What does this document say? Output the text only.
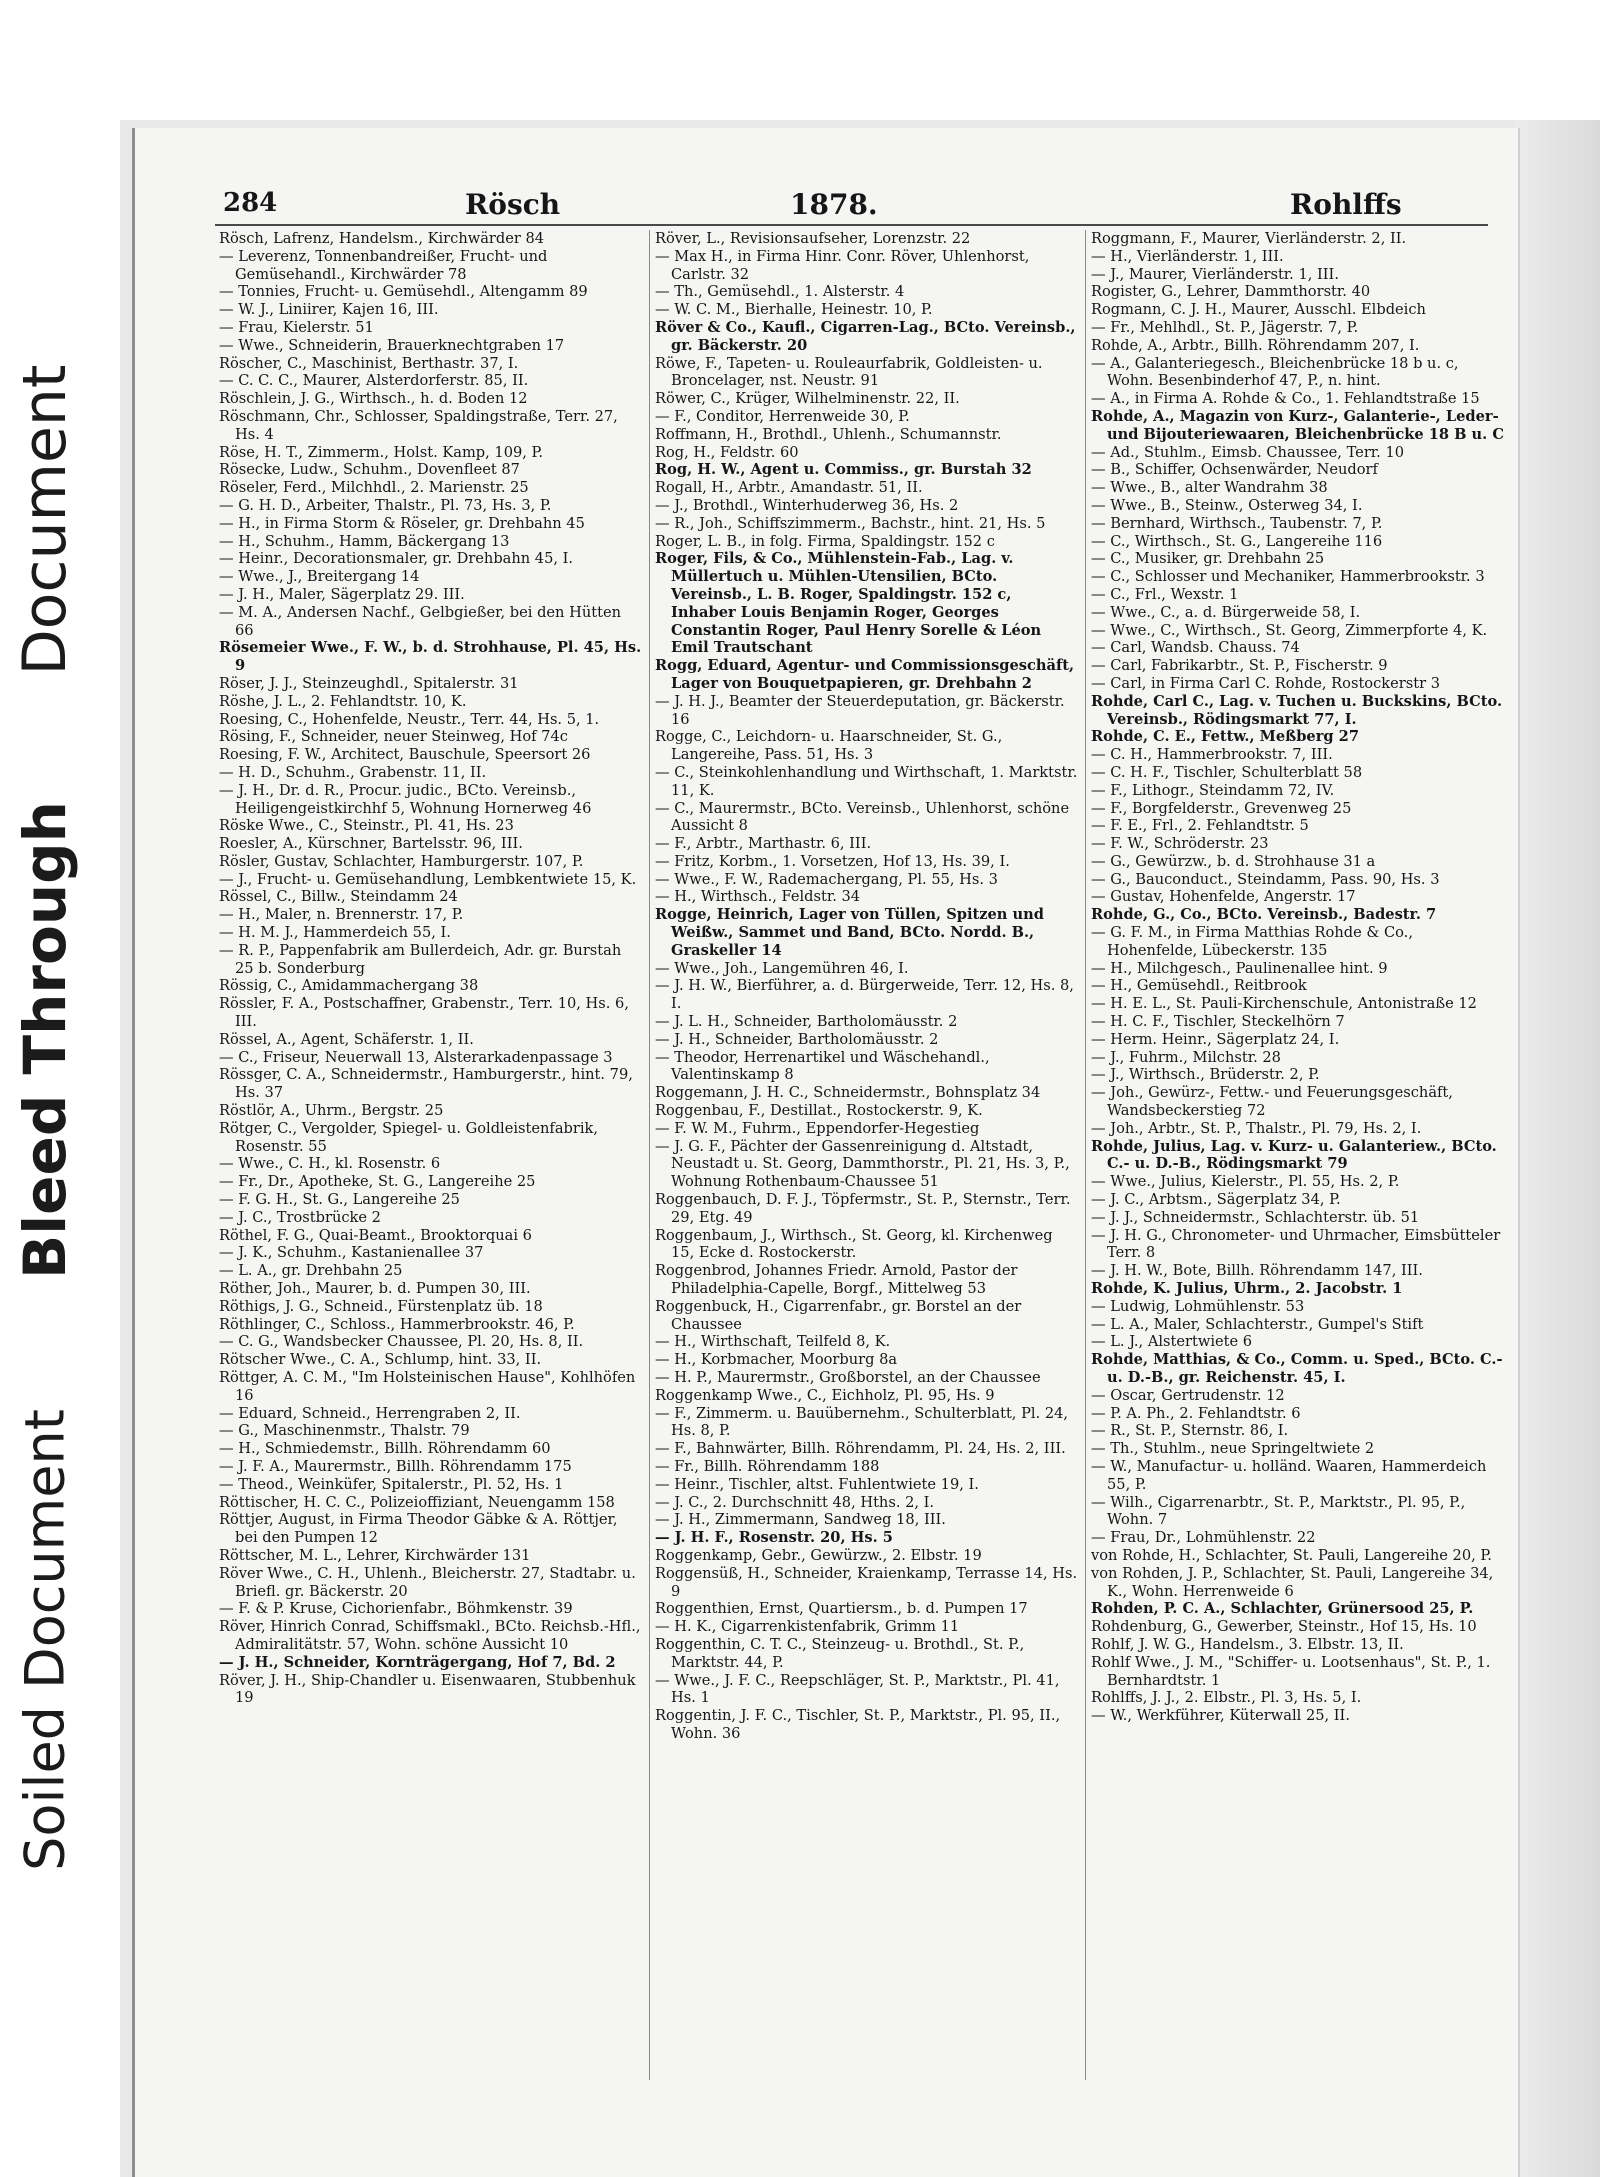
Document
Bleed Through
Soiled Document
284	Rösch	1878.	Rohlffs

Rösch, Lafrenz, Handelsm., Kirchwärder 84

— Leverenz, Tonnenbandreißer, Frucht- und Gemüsehandl., Kirchwärder 78

— Tonnies, Frucht- u. Gemüsehdl., Altengamm 89

— W. J., Liniirer, Kajen 16, III.

— Frau, Kielerstr. 51

— Wwe., Schneiderin, Brauerknechtgraben 17

Röscher, C., Maschinist, Berthastr. 37, I.

— C. C. C., Maurer, Alsterdorferstr. 85, II.

Röschlein, J. G., Wirthsch., h. d. Boden 12

Röschmann, Chr., Schlosser, Spaldingstraße, Terr. 27, Hs. 4

Röse, H. T., Zimmerm., Holst. Kamp, 109, P.

Rösecke, Ludw., Schuhm., Dovenfleet 87

Röseler, Ferd., Milchhdl., 2. Marienstr. 25

— G. H. D., Arbeiter, Thalstr., Pl. 73, Hs. 3, P.

— H., in Firma Storm & Röseler, gr. Drehbahn 45

— H., Schuhm., Hamm, Bäckergang 13

— Heinr., Decorationsmaler, gr. Drehbahn 45, I.

— Wwe., J., Breitergang 14

— J. H., Maler, Sägerplatz 29. III.

— M. A., Andersen Nachf., Gelbgießer, bei den Hütten 66

Rösemeier Wwe., F. W., b. d. Strohhause, Pl. 45, Hs. 9

Röser, J. J., Steinzeughdl., Spitalerstr. 31

Röshe, J. L., 2. Fehlandtstr. 10, K.

Roesing, C., Hohenfelde, Neustr., Terr. 44, Hs. 5, 1.

Rösing, F., Schneider, neuer Steinweg, Hof 74c

Roesing, F. W., Architect, Bauschule, Speersort 26

— H. D., Schuhm., Grabenstr. 11, II.

— J. H., Dr. d. R., Procur. judic., BCto. Vereinsb., Heiligengeistkirchhf 5, Wohnung Hornerweg 46

Röske Wwe., C., Steinstr., Pl. 41, Hs. 23

Roesler, A., Kürschner, Bartelsstr. 96, III.

Rösler, Gustav, Schlachter, Hamburgerstr. 107, P.

— J., Frucht- u. Gemüsehandlung, Lembkentwiete 15, K.

Rössel, C., Billw., Steindamm 24

— H., Maler, n. Brennerstr. 17, P.

— H. M. J., Hammerdeich 55, I.

— R. P., Pappenfabrik am Bullerdeich, Adr. gr. Burstah 25 b. Sonderburg

Rössig, C., Amidammachergang 38

Rössler, F. A., Postschaffner, Grabenstr., Terr. 10, Hs. 6, III.

Rössel, A., Agent, Schäferstr. 1, II.

— C., Friseur, Neuerwall 13, Alsterarkadenpassage 3

Rössger, C. A., Schneidermstr., Hamburgerstr., hint. 79, Hs. 37

Röstlör, A., Uhrm., Bergstr. 25

Rötger, C., Vergolder, Spiegel- u. Goldleistenfabrik, Rosenstr. 55

— Wwe., C. H., kl. Rosenstr. 6

— Fr., Dr., Apotheke, St. G., Langereihe 25

— F. G. H., St. G., Langereihe 25

— J. C., Trostbrücke 2

Röthel, F. G., Quai-Beamt., Brooktorquai 6

— J. K., Schuhm., Kastanienallee 37

— L. A., gr. Drehbahn 25

Röther, Joh., Maurer, b. d. Pumpen 30, III.

Röthigs, J. G., Schneid., Fürstenplatz üb. 18

Röthlinger, C., Schloss., Hammerbrookstr. 46, P.

— C. G., Wandsbecker Chaussee, Pl. 20, Hs. 8, II.

Rötscher Wwe., C. A., Schlump, hint. 33, II.

Röttger, A. C. M., "Im Holsteinischen Hause", Kohlhöfen 16

— Eduard, Schneid., Herrengraben 2, II.

— G., Maschinenmstr., Thalstr. 79

— H., Schmiedemstr., Billh. Röhrendamm 60

— J. F. A., Maurermstr., Billh. Röhrendamm 175

— Theod., Weinküfer, Spitalerstr., Pl. 52, Hs. 1

Röttischer, H. C. C., Polizeioffiziant, Neuengamm 158

Röttjer, August, in Firma Theodor Gäbke & A. Röttjer, bei den Pumpen 12

Röttscher, M. L., Lehrer, Kirchwärder 131

Röver Wwe., C. H., Uhlenh., Bleicherstr. 27, Stadtabr. u. Briefl. gr. Bäckerstr. 20

— F. & P. Kruse, Cichorienfabr., Böhmkenstr. 39

Röver, Hinrich Conrad, Schiffsmakl., BCto. Reichsb.-Hfl., Admiralitätstr. 57, Wohn. schöne Aussicht 10

— J. H., Schneider, Kornträgergang, Hof 7, Bd. 2

Röver, J. H., Ship-Chandler u. Eisenwaaren, Stubbenhuk 19

Röver, L., Revisionsaufseher, Lorenzstr. 22

— Max H., in Firma Hinr. Conr. Röver, Uhlenhorst, Carlstr. 32

— Th., Gemüsehdl., 1. Alsterstr. 4

— W. C. M., Bierhalle, Heinestr. 10, P.

Röver & Co., Kaufl., Cigarren-Lag., BCto. Vereinsb., gr. Bäckerstr. 20

Röwe, F., Tapeten- u. Rouleaurfabrik, Goldleisten- u. Broncelager, nst. Neustr. 91

Röwer, C., Krüger, Wilhelminenstr. 22, II.

— F., Conditor, Herrenweide 30, P.

Roffmann, H., Brothdl., Uhlenh., Schumannstr.

Rog, H., Feldstr. 60

Rog, H. W., Agent u. Commiss., gr. Burstah 32

Rogall, H., Arbtr., Amandastr. 51, II.

— J., Brothdl., Winterhuderweg 36, Hs. 2

— R., Joh., Schiffszimmerm., Bachstr., hint. 21, Hs. 5

Roger, L. B., in folg. Firma, Spaldingstr. 152 c

Roger, Fils, & Co., Mühlenstein-Fab., Lag. v. Müllertuch u. Mühlen-Utensilien, BCto. Vereinsb., L. B. Roger, Spaldingstr. 152 c, Inhaber Louis Benjamin Roger, Georges Constantin Roger, Paul Henry Sorelle & Léon Emil Trautschant

Rogg, Eduard, Agentur- und Commissionsgeschäft, Lager von Bouquetpapieren, gr. Drehbahn 2

— J. H. J., Beamter der Steuerdeputation, gr. Bäckerstr. 16

Rogge, C., Leichdorn- u. Haarschneider, St. G., Langereihe, Pass. 51, Hs. 3

— C., Steinkohlenhandlung und Wirthschaft, 1. Marktstr. 11, K.

— C., Maurermstr., BCto. Vereinsb., Uhlenhorst, schöne Aussicht 8

— F., Arbtr., Marthastr. 6, III.

— Fritz, Korbm., 1. Vorsetzen, Hof 13, Hs. 39, I.

— Wwe., F. W., Rademachergang, Pl. 55, Hs. 3

— H., Wirthsch., Feldstr. 34

Rogge, Heinrich, Lager von Tüllen, Spitzen und Weißw., Sammet und Band, BCto. Nordd. B., Graskeller 14

— Wwe., Joh., Langemühren 46, I.

— J. H. W., Bierführer, a. d. Bürgerweide, Terr. 12, Hs. 8, I.

— J. L. H., Schneider, Bartholomäusstr. 2

— J. H., Schneider, Bartholomäusstr. 2

— Theodor, Herrenartikel und Wäschehandl., Valentinskamp 8

Roggemann, J. H. C., Schneidermstr., Bohnsplatz 34

Roggenbau, F., Destillat., Rostockerstr. 9, K.

— F. W. M., Fuhrm., Eppendorfer-Hegestieg

— J. G. F., Pächter der Gassenreinigung d. Altstadt, Neustadt u. St. Georg, Dammthorstr., Pl. 21, Hs. 3, P., Wohnung Rothenbaum-Chaussee 51

Roggenbauch, D. F. J., Töpfermstr., St. P., Sternstr., Terr. 29, Etg. 49

Roggenbaum, J., Wirthsch., St. Georg, kl. Kirchenweg 15, Ecke d. Rostockerstr.

Roggenbrod, Johannes Friedr. Arnold, Pastor der Philadelphia-Capelle, Borgf., Mittelweg 53

Roggenbuck, H., Cigarrenfabr., gr. Borstel an der Chaussee

— H., Wirthschaft, Teilfeld 8, K.

— H., Korbmacher, Moorburg 8a

— H. P., Maurermstr., Großborstel, an der Chaussee

Roggenkamp Wwe., C., Eichholz, Pl. 95, Hs. 9

— F., Zimmerm. u. Bauübernehm., Schulterblatt, Pl. 24, Hs. 8, P.

— F., Bahnwärter, Billh. Röhrendamm, Pl. 24, Hs. 2, III.

— Fr., Billh. Röhrendamm 188

— Heinr., Tischler, altst. Fuhlentwiete 19, I.

— J. C., 2. Durchschnitt 48, Hths. 2, I.

— J. H., Zimmermann, Sandweg 18, III.

— J. H. F., Rosenstr. 20, Hs. 5

Roggenkamp, Gebr., Gewürzw., 2. Elbstr. 19

Roggensüß, H., Schneider, Kraienkamp, Terrasse 14, Hs. 9

Roggenthien, Ernst, Quartiersm., b. d. Pumpen 17

— H. K., Cigarrenkistenfabrik, Grimm 11

Roggenthin, C. T. C., Steinzeug- u. Brothdl., St. P., Marktstr. 44, P.

— Wwe., J. F. C., Reepschläger, St. P., Marktstr., Pl. 41, Hs. 1

Roggentin, J. F. C., Tischler, St. P., Marktstr., Pl. 95, II., Wohn. 36

Roggmann, F., Maurer, Vierländerstr. 2, II.

— H., Vierländerstr. 1, III.

— J., Maurer, Vierländerstr. 1, III.

Rogister, G., Lehrer, Dammthorstr. 40

Rogmann, C. J. H., Maurer, Ausschl. Elbdeich

— Fr., Mehlhdl., St. P., Jägerstr. 7, P.

Rohde, A., Arbtr., Billh. Röhrendamm 207, I.

— A., Galanteriegesch., Bleichenbrücke 18 b u. c, Wohn. Besenbinderhof 47, P., n. hint.

— A., in Firma A. Rohde & Co., 1. Fehlandtstraße 15

Rohde, A., Magazin von Kurz-, Galanterie-, Leder- und Bijouteriewaaren, Bleichenbrücke 18 B u. C

— Ad., Stuhlm., Eimsb. Chaussee, Terr. 10

— B., Schiffer, Ochsenwärder, Neudorf

— Wwe., B., alter Wandrahm 38

— Wwe., B., Steinw., Osterweg 34, I.

— Bernhard, Wirthsch., Taubenstr. 7, P.

— C., Wirthsch., St. G., Langereihe 116

— C., Musiker, gr. Drehbahn 25

— C., Schlosser und Mechaniker, Hammerbrookstr. 3

— C., Frl., Wexstr. 1

— Wwe., C., a. d. Bürgerweide 58, I.

— Wwe., C., Wirthsch., St. Georg, Zimmerpforte 4, K.

— Carl, Wandsb. Chauss. 74

— Carl, Fabrikarbtr., St. P., Fischerstr. 9

— Carl, in Firma Carl C. Rohde, Rostockerstr 3

Rohde, Carl C., Lag. v. Tuchen u. Buckskins, BCto. Vereinsb., Rödingsmarkt 77, I.

Rohde, C. E., Fettw., Meßberg 27

— C. H., Hammerbrookstr. 7, III.

— C. H. F., Tischler, Schulterblatt 58

— F., Lithogr., Steindamm 72, IV.

— F., Borgfelderstr., Grevenweg 25

— F. E., Frl., 2. Fehlandtstr. 5

— F. W., Schröderstr. 23

— G., Gewürzw., b. d. Strohhause 31 a

— G., Bauconduct., Steindamm, Pass. 90, Hs. 3

— Gustav, Hohenfelde, Angerstr. 17

Rohde, G., Co., BCto. Vereinsb., Badestr. 7

— G. F. M., in Firma Matthias Rohde & Co., Hohenfelde, Lübeckerstr. 135

— H., Milchgesch., Paulinenallee hint. 9

— H., Gemüsehdl., Reitbrook

— H. E. L., St. Pauli-Kirchenschule, Antonistraße 12

— H. C. F., Tischler, Steckelhörn 7

— Herm. Heinr., Sägerplatz 24, I.

— J., Fuhrm., Milchstr. 28

— J., Wirthsch., Brüderstr. 2, P.

— Joh., Gewürz-, Fettw.- und Feuerungsgeschäft, Wandsbeckerstieg 72

— Joh., Arbtr., St. P., Thalstr., Pl. 79, Hs. 2, I.

Rohde, Julius, Lag. v. Kurz- u. Galanteriew., BCto. C.- u. D.-B., Rödingsmarkt 79

— Wwe., Julius, Kielerstr., Pl. 55, Hs. 2, P.

— J. C., Arbtsm., Sägerplatz 34, P.

— J. J., Schneidermstr., Schlachterstr. üb. 51

— J. H. G., Chronometer- und Uhrmacher, Eimsbütteler Terr. 8

— J. H. W., Bote, Billh. Röhrendamm 147, III.

Rohde, K. Julius, Uhrm., 2. Jacobstr. 1

— Ludwig, Lohmühlenstr. 53

— L. A., Maler, Schlachterstr., Gumpel's Stift

— L. J., Alstertwiete 6

Rohde, Matthias, & Co., Comm. u. Sped., BCto. C.- u. D.-B., gr. Reichenstr. 45, I.

— Oscar, Gertrudenstr. 12

— P. A. Ph., 2. Fehlandtstr. 6

— R., St. P., Sternstr. 86, I.

— Th., Stuhlm., neue Springeltwiete 2

— W., Manufactur- u. holländ. Waaren, Hammerdeich 55, P.

— Wilh., Cigarrenarbtr., St. P., Marktstr., Pl. 95, P., Wohn. 7

— Frau, Dr., Lohmühlenstr. 22

von Rohde, H., Schlachter, St. Pauli, Langereihe 20, P.

von Rohden, J. P., Schlachter, St. Pauli, Langereihe 34, K., Wohn. Herrenweide 6

Rohden, P. C. A., Schlachter, Grünersood 25, P.

Rohdenburg, G., Gewerber, Steinstr., Hof 15, Hs. 10

Rohlf, J. W. G., Handelsm., 3. Elbstr. 13, II.

Rohlf Wwe., J. M., "Schiffer- u. Lootsenhaus", St. P., 1. Bernhardtstr. 1

Rohlffs, J. J., 2. Elbstr., Pl. 3, Hs. 5, I.

— W., Werkführer, Küterwall 25, II.
